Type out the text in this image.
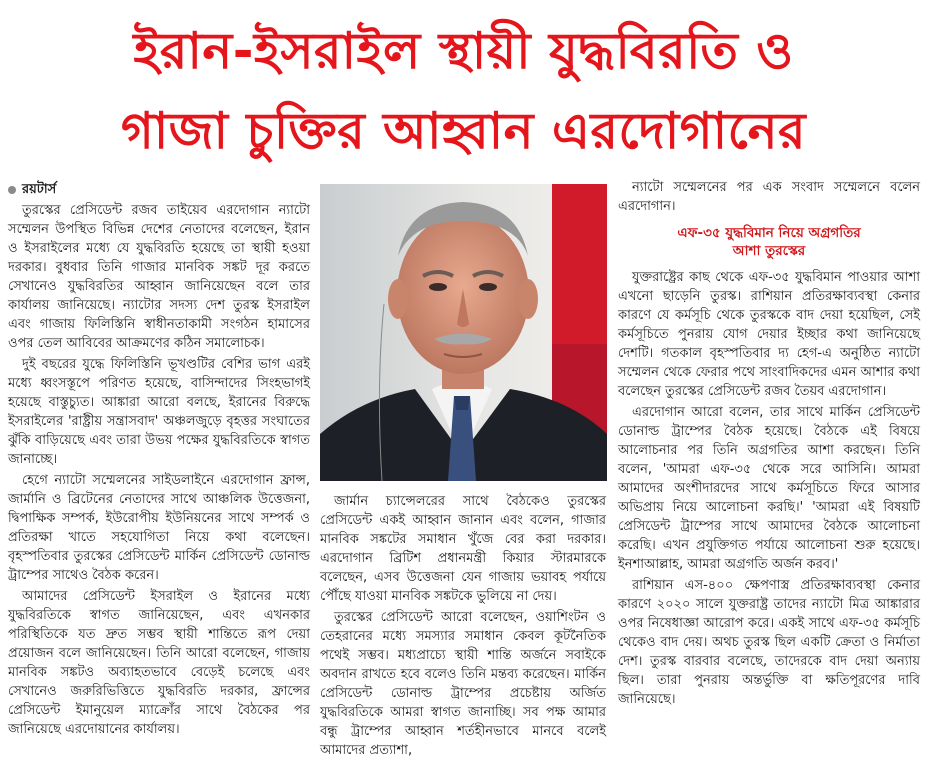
ইরান-ইসরাইল স্থায়ী যুদ্ধবিরতি ও
গাজা চুক্তির আহ্বান এরদোগানের
রয়টার্স

তুরস্কের প্রেসিডেন্ট রজব তাইয়েব এরদোগান ন্যাটো সম্মেলন উপস্থিত বিভিন্ন দেশের নেতাদের বলেছেন, ইরান ও ইসরাইলের মধ্যে যে যুদ্ধবিরতি হয়েছে তা স্থায়ী হওয়া দরকার। বুধবার তিনি গাজার মানবিক সঙ্কট দূর করতে সেখানেও যুদ্ধবিরতির আহ্বান জানিয়েছেন বলে তার কার্যালয় জানিয়েছে। ন্যাটোর সদস্য দেশ তুরস্ক ইসরাইল এবং গাজায় ফিলিস্তিনি স্বাধীনতাকামী সংগঠন হামাসের ওপর তেল আবিবের আক্রমণের কঠিন সমালোচক।

দুই বছরের যুদ্ধে ফিলিস্তিনি ভূখণ্ডটির বেশির ভাগ এরই মধ্যে ধ্বংসস্তূপে পরিণত হয়েছে, বাসিন্দাদের সিংহভাগই হয়েছে বাস্তুচ্যুত। আঙ্কারা আরো বলছে, ইরানের বিরুদ্ধে ইসরাইলের 'রাষ্ট্রীয় সন্ত্রাসবাদ' অঞ্চলজুড়ে বৃহত্তর সংঘাতের ঝুঁকি বাড়িয়েছে এবং তারা উভয় পক্ষের যুদ্ধবিরতিকে স্বাগত জানাচ্ছে।

হেগে ন্যাটো সম্মেলনের সাইডলাইনে এরদোগান ফ্রান্স, জার্মানি ও ব্রিটেনের নেতাদের সাথে আঞ্চলিক উত্তেজনা, দ্বিপাক্ষিক সম্পর্ক, ইউরোপীয় ইউনিয়নের সাথে সম্পর্ক ও প্রতিরক্ষা খাতে সহযোগিতা নিয়ে কথা বলেছেন। বৃহস্পতিবার তুরস্কের প্রেসিডেন্ট মার্কিন প্রেসিডেন্ট ডোনাল্ড ট্রাম্পের সাথেও বৈঠক করেন।

আমাদের প্রেসিডেন্ট ইসরাইল ও ইরানের মধ্যে যুদ্ধবিরতিকে স্বাগত জানিয়েছেন, এবং এখনকার পরিস্থিতিকে যত দ্রুত সম্ভব স্থায়ী শান্তিতে রূপ দেয়া প্রয়োজন বলে জানিয়েছেন। তিনি আরো বলেছেন, গাজায় মানবিক সঙ্কটও অব্যাহতভাবে বেড়েই চলেছে এবং সেখানেও জরুরিভিত্তিতে যুদ্ধবিরতি দরকার, ফ্রান্সের প্রেসিডেন্ট ইমানুয়েল ম্যাক্রোঁর সাথে বৈঠকের পর জানিয়েছে এরদোয়ানের কার্যালয়।

জার্মান চ্যান্সেলরের সাথে বৈঠকেও তুরস্কের প্রেসিডেন্ট একই আহ্বান জানান এবং বলেন, গাজার মানবিক সঙ্কটের সমাধান খুঁজে বের করা দরকার। এরদোগান ব্রিটিশ প্রধানমন্ত্রী কিয়ার স্টারমারকে বলেছেন, এসব উত্তেজনা যেন গাজায় ভয়াবহ পর্যায়ে পৌঁছে যাওয়া মানবিক সঙ্কটকে ভুলিয়ে না দেয়।

তুরস্কের প্রেসিডেন্ট আরো বলেছেন, ওয়াশিংটন ও তেহরানের মধ্যে সমস্যার সমাধান কেবল কূটনৈতিক পথেই সম্ভব। মধ্যপ্রাচ্যে স্থায়ী শান্তি অর্জনে সবাইকে অবদান রাখতে হবে বলেও তিনি মন্তব্য করেছেন। মার্কিন প্রেসিডেন্ট ডোনাল্ড ট্রাম্পের প্রচেষ্টায় অর্জিত যুদ্ধবিরতিকে আমরা স্বাগত জানাচ্ছি। সব পক্ষ আমার বন্ধু ট্রাম্পের আহ্বান শর্তহীনভাবে মানবে বলেই আমাদের প্রত্যাশা,

ন্যাটো সম্মেলনের পর এক সংবাদ সম্মেলনে বলেন এরদোগান।

এফ-৩৫ যুদ্ধবিমান নিয়ে অগ্রগতির
আশা তুরস্কের

যুক্তরাষ্ট্রের কাছ থেকে এফ-৩৫ যুদ্ধবিমান পাওয়ার আশা এখনো ছাড়েনি তুরস্ক। রাশিয়ান প্রতিরক্ষাব্যবস্থা কেনার কারণে যে কর্মসূচি থেকে তুরস্ককে বাদ দেয়া হয়েছিল, সেই কর্মসূচিতে পুনরায় যোগ দেয়ার ইচ্ছার কথা জানিয়েছে দেশটি। গতকাল বৃহস্পতিবার দ্য হেগ-এ অনুষ্ঠিত ন্যাটো সম্মেলন থেকে ফেরার পথে সাংবাদিকদের এমন আশার কথা বলেছেন তুরস্কের প্রেসিডেন্ট রজব তৈয়ব এরদোগান।

এরদোগান আরো বলেন, তার সাথে মার্কিন প্রেসিডেন্ট ডোনাল্ড ট্রাম্পের বৈঠক হয়েছে। বৈঠকে এই বিষয়ে আলোচনার পর তিনি অগ্রগতির আশা করছেন। তিনি বলেন, 'আমরা এফ-৩৫ থেকে সরে আসিনি। আমরা আমাদের অংশীদারদের সাথে কর্মসূচিতে ফিরে আসার অভিপ্রায় নিয়ে আলোচনা করছি।' 'আমরা এই বিষয়টি প্রেসিডেন্ট ট্রাম্পের সাথে আমাদের বৈঠকে আলোচনা করেছি। এখন প্রযুক্তিগত পর্যায়ে আলোচনা শুরু হয়েছে। ইনশাআল্লাহ, আমরা অগ্রগতি অর্জন করব।'

রাশিয়ান এস-৪০০ ক্ষেপণাস্ত্র প্রতিরক্ষাব্যবস্থা কেনার কারণে ২০২০ সালে যুক্তরাষ্ট্র তাদের ন্যাটো মিত্র আঙ্কারার ওপর নিষেধাজ্ঞা আরোপ করে। একই সাথে এফ-৩৫ কর্মসূচি থেকেও বাদ দেয়। অথচ তুরস্ক ছিল একটি ক্রেতা ও নির্মাতা দেশ। তুরস্ক বারবার বলেছে, তাদেরকে বাদ দেয়া অন্যায় ছিল। তারা পুনরায় অন্তর্ভুক্তি বা ক্ষতিপূরণের দাবি জানিয়েছে।
